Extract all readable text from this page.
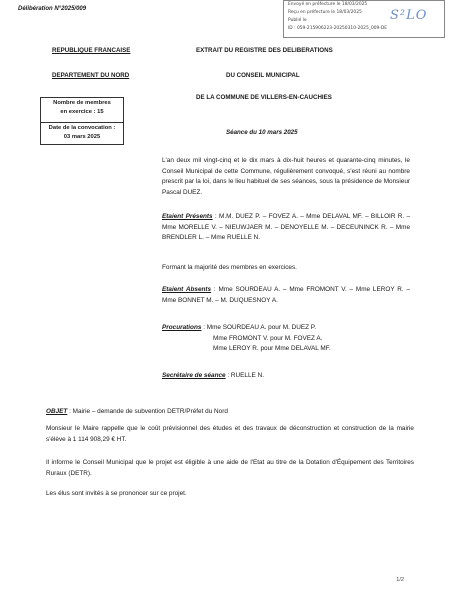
Délibération N°2025/009
Envoyé en préfecture le 18/03/2025
Reçu en préfecture le 18/03/2025
Publié le
ID : 059-215906223-20250310-2025_009-DE
S²LO
REPUBLIQUE FRANCAISE
DEPARTEMENT DU NORD
EXTRAIT DU REGISTRE DES DELIBERATIONS
DU CONSEIL MUNICIPAL
DE LA COMMUNE DE VILLERS-EN-CAUCHIES
Nombre de membres
en exercice : 15
Date de la convocation :
03 mars 2025
Séance du 10 mars 2025
L'an deux mil vingt-cinq et le dix mars à dix-huit heures et quarante-cinq minutes, le Conseil Municipal de cette Commune, régulièrement convoqué, s'est réuni au nombre prescrit par la loi, dans le lieu habituel de ses séances, sous la présidence de Monsieur Pascal DUEZ.
Etaient Présents : M.M. DUEZ P. – FOVEZ A. – Mme DELAVAL MF. – BILLOIR R. – Mme MORELLE V. – NIEUWJAER M. – DENOYELLE M. – DECEUNINCK R. – Mme BRENDLER L. – Mme RUELLE N.
Formant la majorité des membres en exercices.
Etaient Absents : Mme SOURDEAU A. – Mme FROMONT V. – Mme LEROY R. – Mme BONNET M. – M. DUQUESNOY A.
Procurations : Mme SOURDEAU A. pour M. DUEZ P.
Mme FROMONT V. pour M. FOVEZ A.
Mme LEROY R. pour Mme DELAVAL MF.
Secrétaire de séance : RUELLE N.
OBJET : Mairie – demande de subvention DETR/Préfet du Nord
Monsieur le Maire rappelle que le coût prévisionnel des études et des travaux de déconstruction et construction de la mairie s'élève à 1 114 908,29 € HT.
Il informe le Conseil Municipal que le projet est éligible à une aide de l'Etat au titre de la Dotation d'Équipement des Territoires Ruraux (DETR).
Les élus sont invités à se prononcer sur ce projet.
1/2
